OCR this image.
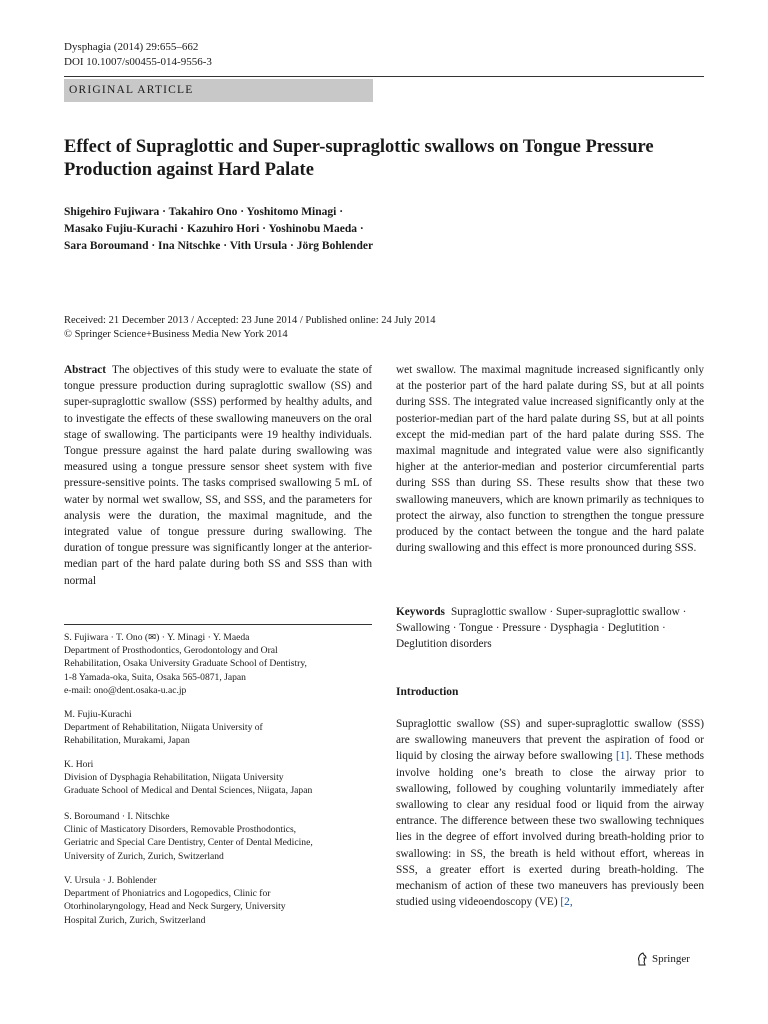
Dysphagia (2014) 29:655–662
DOI 10.1007/s00455-014-9556-3
ORIGINAL ARTICLE
Effect of Supraglottic and Super-supraglottic swallows on Tongue Pressure Production against Hard Palate
Shigehiro Fujiwara · Takahiro Ono · Yoshitomo Minagi ·
Masako Fujiu-Kurachi · Kazuhiro Hori · Yoshinobu Maeda ·
Sara Boroumand · Ina Nitschke · Vith Ursula · Jörg Bohlender
Received: 21 December 2013 / Accepted: 23 June 2014 / Published online: 24 July 2014
© Springer Science+Business Media New York 2014
Abstract The objectives of this study were to evaluate the state of tongue pressure production during supraglottic swallow (SS) and super-supraglottic swallow (SSS) performed by healthy adults, and to investigate the effects of these swallowing maneuvers on the oral stage of swallowing. The participants were 19 healthy individuals. Tongue pressure against the hard palate during swallowing was measured using a tongue pressure sensor sheet system with five pressure-sensitive points. The tasks comprised swallowing 5 mL of water by normal wet swallow, SS, and SSS, and the parameters for analysis were the duration, the maximal magnitude, and the integrated value of tongue pressure during swallowing. The duration of tongue pressure was significantly longer at the anterior-median part of the hard palate during both SS and SSS than with normal
wet swallow. The maximal magnitude increased significantly only at the posterior part of the hard palate during SS, but at all points during SSS. The integrated value increased significantly only at the posterior-median part of the hard palate during SS, but at all points except the mid-median part of the hard palate during SSS. The maximal magnitude and integrated value were also significantly higher at the anterior-median and posterior circumferential parts during SSS than during SS. These results show that these two swallowing maneuvers, which are known primarily as techniques to protect the airway, also function to strengthen the tongue pressure produced by the contact between the tongue and the hard palate during swallowing and this effect is more pronounced during SSS.
Keywords Supraglottic swallow · Super-supraglottic swallow · Swallowing · Tongue · Pressure · Dysphagia · Deglutition · Deglutition disorders
S. Fujiwara · T. Ono (✉) · Y. Minagi · Y. Maeda
Department of Prosthodontics, Gerodontology and Oral
Rehabilitation, Osaka University Graduate School of Dentistry,
1-8 Yamada-oka, Suita, Osaka 565-0871, Japan
e-mail: ono@dent.osaka-u.ac.jp
M. Fujiu-Kurachi
Department of Rehabilitation, Niigata University of
Rehabilitation, Murakami, Japan
K. Hori
Division of Dysphagia Rehabilitation, Niigata University
Graduate School of Medical and Dental Sciences, Niigata, Japan
S. Boroumand · I. Nitschke
Clinic of Masticatory Disorders, Removable Prosthodontics,
Geriatric and Special Care Dentistry, Center of Dental Medicine,
University of Zurich, Zurich, Switzerland
V. Ursula · J. Bohlender
Department of Phoniatrics and Logopedics, Clinic for
Otorhinolaryngology, Head and Neck Surgery, University
Hospital Zurich, Zurich, Switzerland
Introduction
Supraglottic swallow (SS) and super-supraglottic swallow (SSS) are swallowing maneuvers that prevent the aspiration of food or liquid by closing the airway before swallowing [1]. These methods involve holding one’s breath to close the airway prior to swallowing, followed by coughing voluntarily immediately after swallowing to clear any residual food or liquid from the airway entrance. The difference between these two swallowing techniques lies in the degree of effort involved during breath-holding prior to swallowing: in SS, the breath is held without effort, whereas in SSS, a greater effort is exerted during breath-holding. The mechanism of action of these two maneuvers has previously been studied using videoendoscopy (VE) [2,
Springer
